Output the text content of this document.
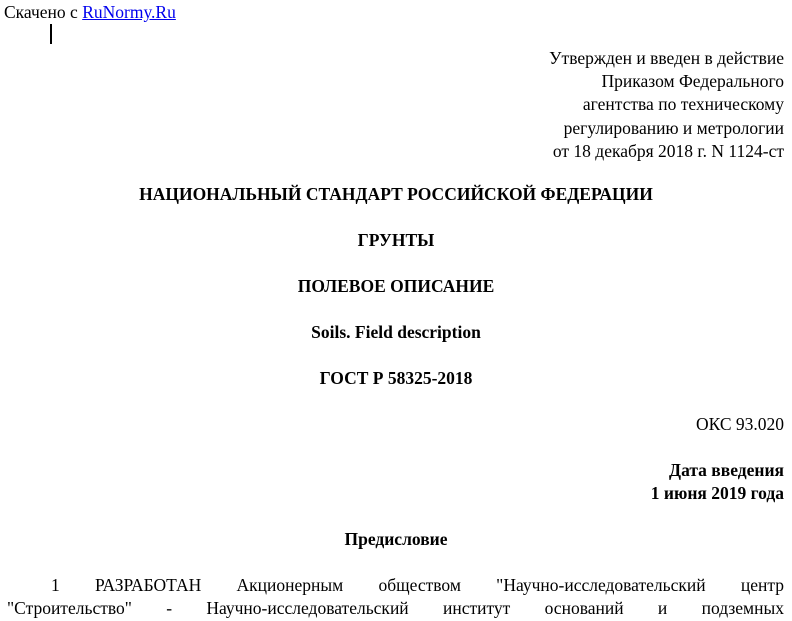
Скачено с RuNormy.Ru
Утвержден и введен в действие
Приказом Федерального
агентства по техническому
регулированию и метрологии
от 18 декабря 2018 г. N 1124-ст
НАЦИОНАЛЬНЫЙ СТАНДАРТ РОССИЙСКОЙ ФЕДЕРАЦИИ
ГРУНТЫ
ПОЛЕВОЕ ОПИСАНИЕ
Soils. Field description
ГОСТ Р 58325-2018
ОКС 93.020
Дата введения
1 июня 2019 года
Предисловие
1 РАЗРАБОТАН Акционерным обществом "Научно-исследовательский центр
"Строительство" - Научно-исследовательский институт оснований и подземных
